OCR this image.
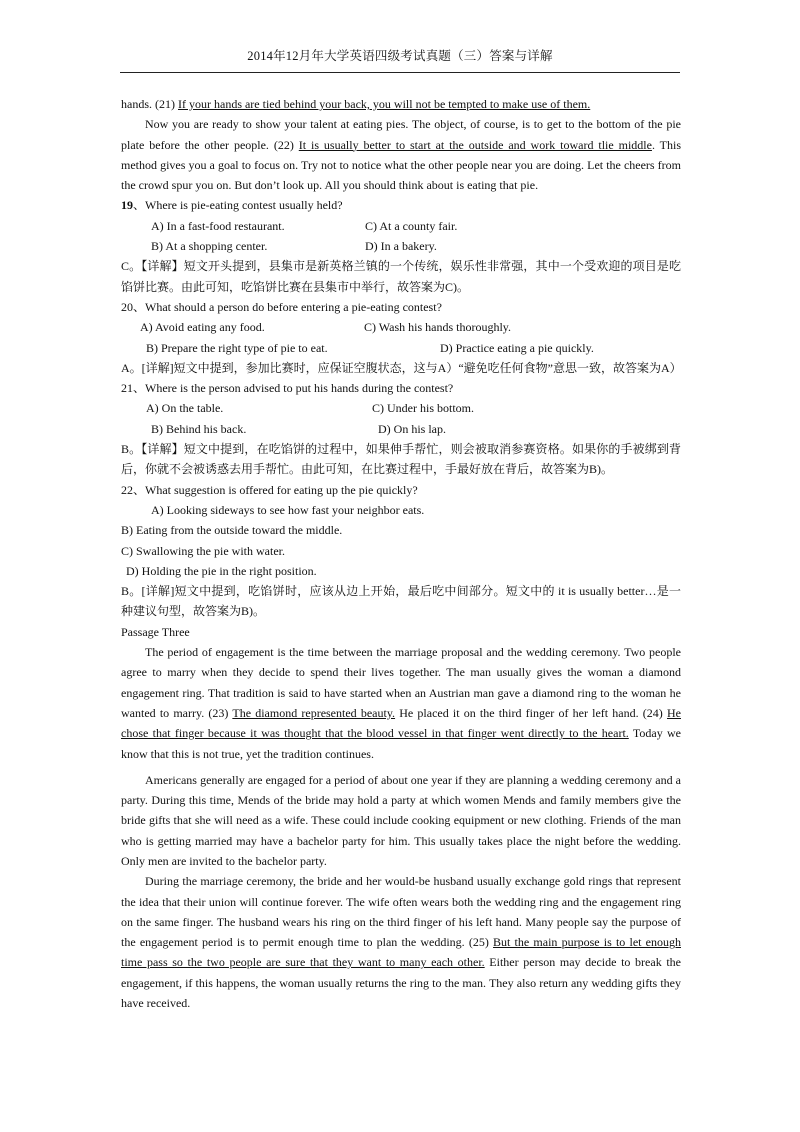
2014年12月年大学英语四级考试真题（三）答案与详解

hands. (21) If your hands are tied behind your back, you will not be tempted to make use of them.

Now you are ready to show your talent at eating pies. The object, of course, is to get to the bottom of the pie plate before the other people. (22) It is usually better to start at the outside and work toward tlie middle. This method gives you a goal to focus on. Try not to notice what the other people near you are doing. Let the cheers from the crowd spur you on. But don’t look up. All you should think about is eating that pie.

19、Where is pie-eating contest usually held?

A) In a fast-food restaurant.	C) At a county fair.
B) At a shopping center.	D) In a bakery.

C。【详解】短文开头提到，县集市是新英格兰镇的一个传统，娱乐性非常强，其中一个受欢迎的项目是吃馅饼比赛。由此可知，吃馅饼比赛在县集市中举行，故答案为C)。

20、What should a person do before entering a pie-eating contest?

A) Avoid eating any food.	C) Wash his hands thoroughly.
B) Prepare the right type of pie to eat.	D) Practice eating a pie quickly.

A。[详解]短文中提到，参加比赛时，应保证空腹状态，这与A）“避免吃任何食物”意思一致，故答案为A）

21、Where is the person advised to put his hands during the contest?

A) On the table.	C) Under his bottom.
B) Behind his back.	D) On his lap.

B。【详解】短文中提到，在吃馅饼的过程中，如果伸手帮忙，则会被取消参赛资格。如果你的手被绑到背后，你就不会被诱惑去用手帮忙。由此可知，在比赛过程中，手最好放在背后，故答案为B)。

22、What suggestion is offered for eating up the pie quickly?

A) Looking sideways to see how fast your neighbor eats.

B) Eating from the outside toward the middle.

C) Swallowing the pie with water.

D) Holding the pie in the right position.

B。[详解]短文中提到，吃馅饼时，应该从边上开始，最后吃中间部分。短文中的 it is usually better…是一种建议句型，故答案为B)。

Passage Three

The period of engagement is the time between the marriage proposal and the wedding ceremony. Two people agree to marry when they decide to spend their lives together. The man usually gives the woman a diamond engagement ring. That tradition is said to have started when an Austrian man gave a diamond ring to the woman he wanted to marry. (23) The diamond represented beauty. He placed it on the third finger of her left hand. (24) He chose that finger because it was thought that the blood vessel in that finger went directly to the heart. Today we know that this is not true, yet the tradition continues.

Americans generally are engaged for a period of about one year if they are planning a wedding ceremony and a party. During this time, Mends of the bride may hold a party at which women Mends and family members give the bride gifts that she will need as a wife. These could include cooking equipment or new clothing. Friends of the man who is getting married may have a bachelor party for him. This usually takes place the night before the wedding. Only men are invited to the bachelor party.

During the marriage ceremony, the bride and her would-be husband usually exchange gold rings that represent the idea that their union will continue forever. The wife often wears both the wedding ring and the engagement ring on the same finger. The husband wears his ring on the third finger of his left hand. Many people say the purpose of the engagement period is to permit enough time to plan the wedding. (25) But the main purpose is to let enough time pass so the two people are sure that they want to many each other. Either person may decide to break the engagement, if this happens, the woman usually returns the ring to the man. They also return any wedding gifts they have received.
